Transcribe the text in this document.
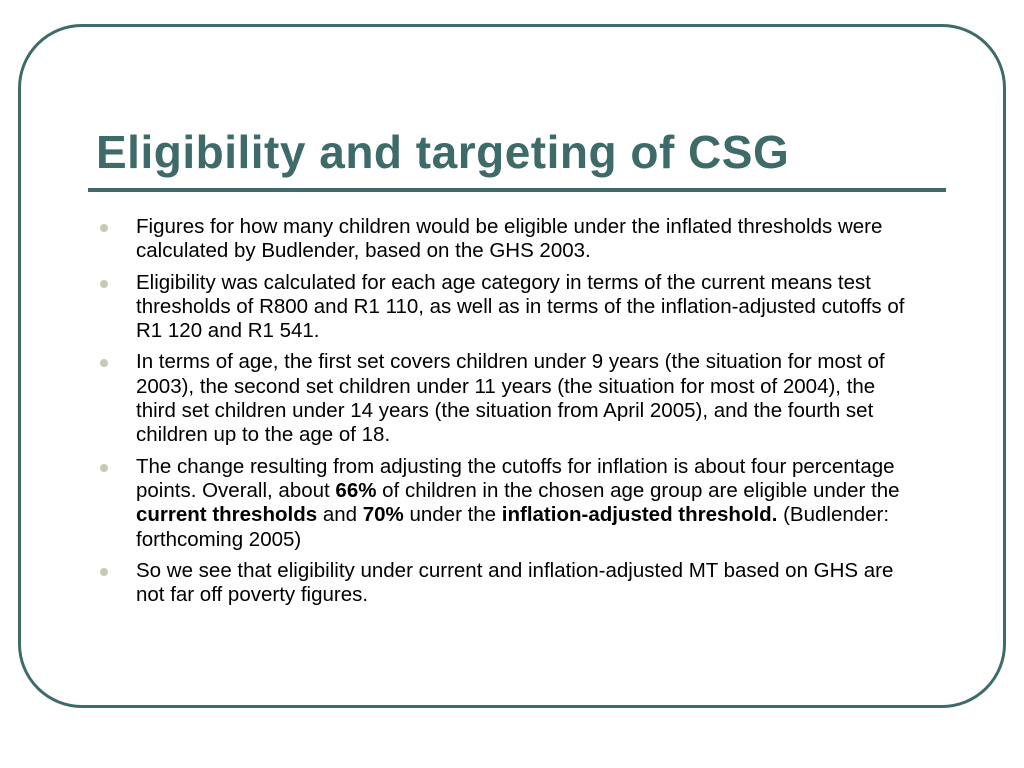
Eligibility and targeting of CSG
Figures for how many children would be eligible under the inflated thresholds were calculated by Budlender, based on the GHS 2003.
Eligibility was calculated for each age category in terms of the current means test thresholds of R800 and R1 110, as well as in terms of the inflation-adjusted cutoffs of R1 120 and R1 541.
In terms of age, the first set covers children under 9 years (the situation for most of 2003), the second set children under 11 years (the situation for most of 2004), the third set children under 14 years (the situation from April 2005), and the fourth set children up to the age of 18.
The change resulting from adjusting the cutoffs for inflation is about four percentage points. Overall, about 66% of children in the chosen age group are eligible under the current thresholds and 70% under the inflation-adjusted threshold. (Budlender: forthcoming 2005)
So we see that eligibility under current and inflation-adjusted MT based on GHS are not far off poverty figures.
